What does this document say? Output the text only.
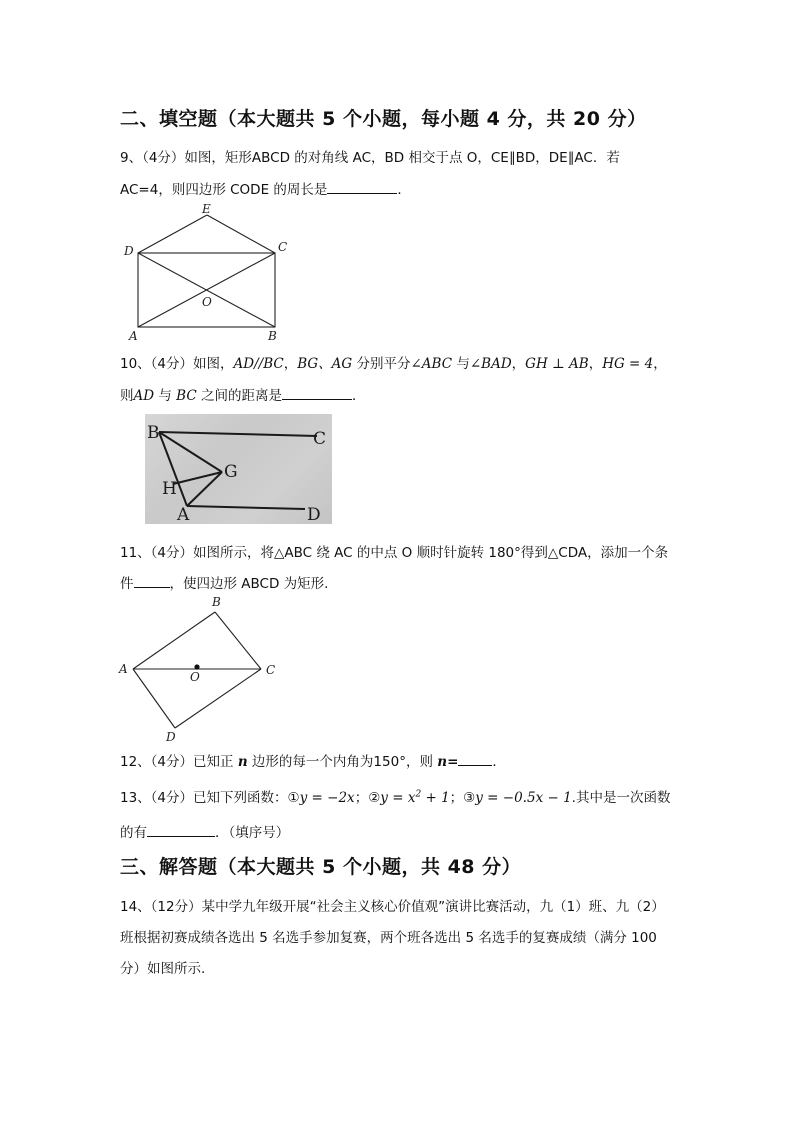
二、填空题（本大题共 5 个小题，每小题 4 分，共 20 分）
9、（4分）如图，矩形ABCD 的对角线 AC，BD 相交于点 O，CE∥BD，DE∥AC．若
AC=4，则四边形 CODE 的周长是	．
E
D	C
O
A	B
10、（4分）如图，AD//BC，BG、AG 分别平分∠ABC 与∠BAD，GH ⊥ AB，HG = 4，
则AD 与 BC 之间的距离是	．
B	C
G
H
A	D
11、（4分）如图所示，将△ABC 绕 AC 的中点 O 顺时针旋转 180°得到△CDA，添加一个条
件	，使四边形 ABCD 为矩形.
B
A
O	C
D
12、（4分）已知正 n 边形的每一个内角为150°，则 n=	．
13、（4分）已知下列函数：①y = −2x；②y = $x^2 + 1$；③y = −0.5x − 1.其中是一次函数
的有	．（填序号）
三、解答题（本大题共 5 个小题，共 48 分）
14、（12分）某中学九年级开展“社会主义核心价值观”演讲比赛活动，九（1）班、九（2）
班根据初赛成绩各选出 5 名选手参加复赛，两个班各选出 5 名选手的复赛成绩（满分 100
分）如图所示.
